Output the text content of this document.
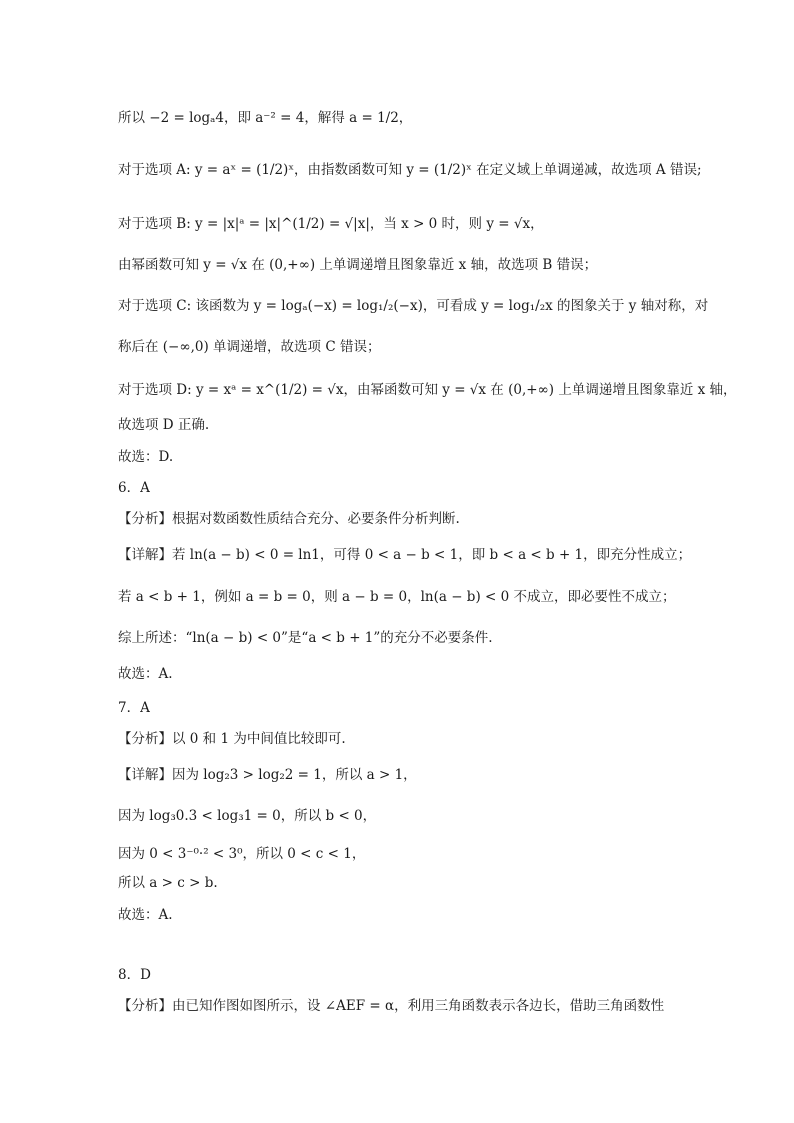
所以 −2 = logₐ4，即 a⁻² = 4，解得 a = 1/2，
对于选项 A: y = aˣ = (1/2)ˣ，由指数函数可知 y = (1/2)ˣ 在定义域上单调递减，故选项 A 错误;
对于选项 B: y = |x|ᵃ = |x|^(1/2) = √|x|，当 x > 0 时，则 y = √x，
由幂函数可知 y = √x 在 (0,+∞) 上单调递增且图象靠近 x 轴，故选项 B 错误；
对于选项 C: 该函数为 y = logₐ(−x) = log₁/₂(−x)，可看成 y = log₁/₂x 的图象关于 y 轴对称，对
称后在 (−∞,0) 单调递增，故选项 C 错误；
对于选项 D: y = xᵃ = x^(1/2) = √x，由幂函数可知 y = √x 在 (0,+∞) 上单调递增且图象靠近 x 轴，
故选项 D 正确.
故选：D.
6．A
【分析】根据对数函数性质结合充分、必要条件分析判断.
【详解】若 ln(a − b) < 0 = ln1，可得 0 < a − b < 1，即 b < a < b + 1，即充分性成立；
若 a < b + 1，例如 a = b = 0，则 a − b = 0，ln(a − b) < 0 不成立，即必要性不成立；
综上所述：“ln(a − b) < 0”是“a < b + 1”的充分不必要条件.
故选：A.
7．A
【分析】以 0 和 1 为中间值比较即可.
【详解】因为 log₂3 > log₂2 = 1，所以 a > 1，
因为 log₃0.3 < log₃1 = 0，所以 b < 0，
因为 0 < 3⁻⁰·² < 3⁰，所以 0 < c < 1，
所以 a > c > b.
故选：A.
8．D
【分析】由已知作图如图所示，设 ∠AEF = α，利用三角函数表示各边长，借助三角函数性
